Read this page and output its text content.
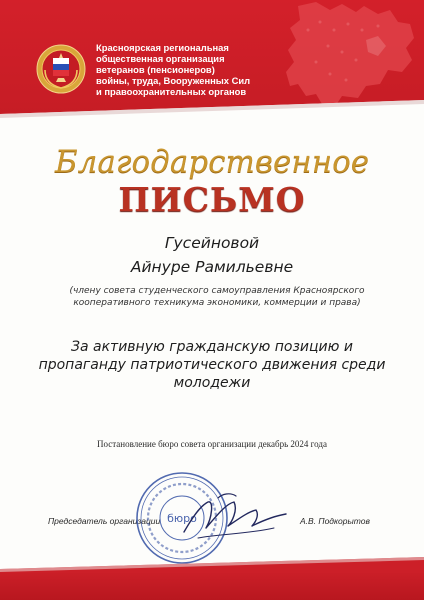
Красноярская региональная
общественная организация
ветеранов (пенсионеров)
войны, труда, Вооруженных Сил
и правоохранительных органов
Благодарственное
ПИСЬМО
Гусейновой
Айнуре Рамильевне
(члену совета студенческого самоуправления Красноярского кооперативного техникума экономики, коммерции и права)
За активную гражданскую позицию и пропаганду патриотического движения среди молодежи
Постановление бюро совета организации декабрь 2024 года
Председатель организации	А.В. Подкорытов
бюро
